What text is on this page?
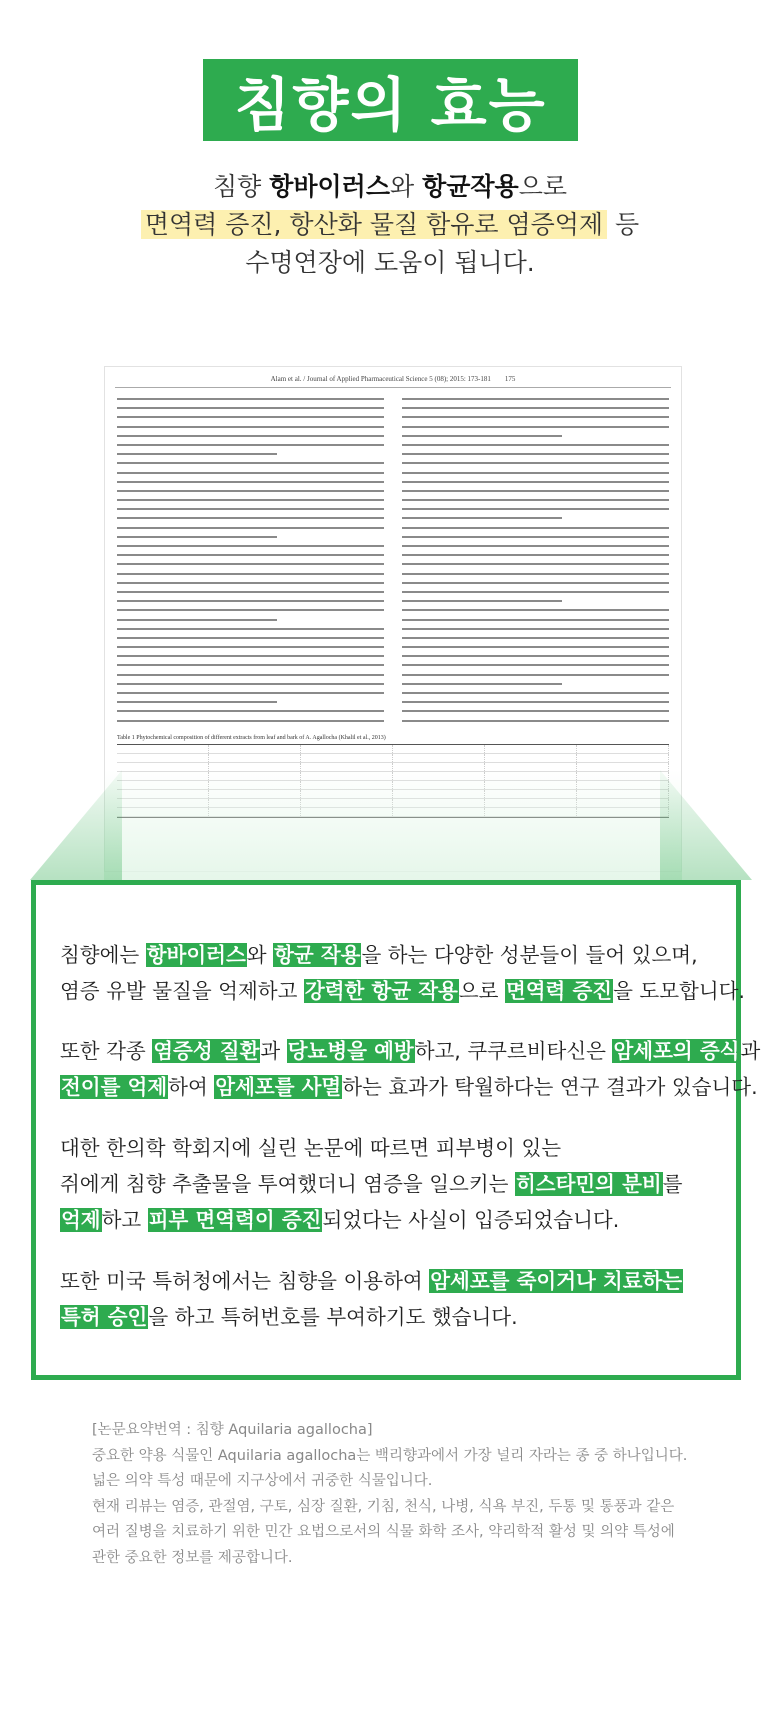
침향의 효능
침향 항바이러스와 항균작용으로
면역력 증진, 항산화 물질 함유로 염증억제 등
수명연장에 도움이 됩니다.
Alam et al. / Journal of Applied Pharmaceutical Science 5 (08); 2015: 173-181 175
Table 1 Phytochemical composition of different extracts from leaf and bark of A. Agallocha (Khalil et al., 2013)
침향에는 항바이러스와 항균 작용을 하는 다양한 성분들이 들어 있으며,
염증 유발 물질을 억제하고 강력한 항균 작용으로 면역력 증진을 도모합니다.
또한 각종 염증성 질환과 당뇨병을 예방하고, 쿠쿠르비타신은 암세포의 증식과
전이를 억제하여 암세포를 사멸하는 효과가 탁월하다는 연구 결과가 있습니다.
대한 한의학 학회지에 실린 논문에 따르면 피부병이 있는
쥐에게 침향 추출물을 투여했더니 염증을 일으키는 히스타민의 분비를
억제하고 피부 면역력이 증진되었다는 사실이 입증되었습니다.
또한 미국 특허청에서는 침향을 이용하여 암세포를 죽이거나 치료하는
특허 승인을 하고 특허번호를 부여하기도 했습니다.
[논문요약번역 : 침향 Aquilaria agallocha]
중요한 약용 식물인 Aquilaria agallocha는 백리향과에서 가장 널리 자라는 종 중 하나입니다.
넓은 의약 특성 때문에 지구상에서 귀중한 식물입니다.
현재 리뷰는 염증, 관절염, 구토, 심장 질환, 기침, 천식, 나병, 식욕 부진, 두통 및 통풍과 같은
여러 질병을 치료하기 위한 민간 요법으로서의 식물 화학 조사, 약리학적 활성 및 의약 특성에
관한 중요한 정보를 제공합니다.
